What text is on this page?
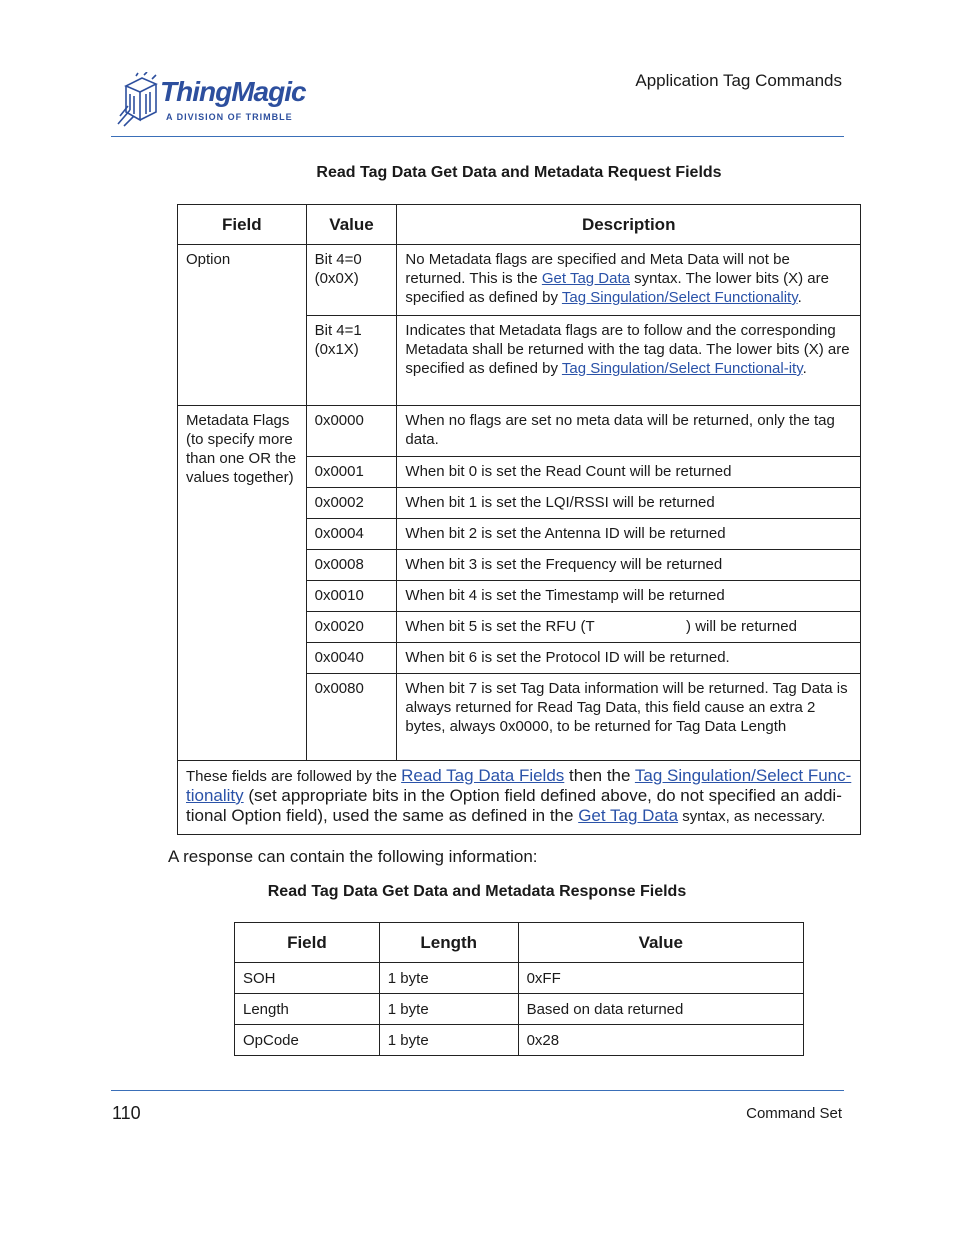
ThingMagic
A DIVISION OF TRIMBLE
Application Tag Commands
Read Tag Data Get Data and Metadata Request Fields
Field	Value	Description
Option	Bit 4=0 (0x0X)	No Metadata flags are specified and Meta Data will not be returned. This is the Get Tag Data syntax. The lower bits (X) are specified as defined by Tag Singulation/Select Functionality.
	Bit 4=1 (0x1X)	Indicates that Metadata flags are to follow and the corresponding Metadata shall be returned with the tag data. The lower bits (X) are specified as defined by Tag Singulation/Select Functional-ity.
Metadata Flags (to specify more than one OR the values together)	0x0000	When no flags are set no meta data will be returned, only the tag data.
	0x0001	When bit 0 is set the Read Count will be returned
	0x0002	When bit 1 is set the LQI/RSSI will be returned
	0x0004	When bit 2 is set the Antenna ID will be returned
	0x0008	When bit 3 is set the Frequency will be returned
	0x0010	When bit 4 is set the Timestamp will be returned
	0x0020	When bit 5 is set the RFU (T                      ) will be returned
	0x0040	When bit 6 is set the Protocol ID will be returned.
	0x0080	When bit 7 is set Tag Data information will be returned. Tag Data is always returned for Read Tag Data, this field cause an extra 2 bytes, always 0x0000, to be returned for Tag Data Length
These fields are followed by the Read Tag Data Fields then the Tag Singulation/Select Func-tionality (set appropriate bits in the Option field defined above, do not specified an addi-tional Option field), used the same as defined in the Get Tag Data syntax, as necessary.		
A response can contain the following information:
Read Tag Data Get Data and Metadata Response Fields
Field	Length	Value
SOH	1 byte	0xFF
Length	1 byte	Based on data returned
OpCode	1 byte	0x28
110	Command Set
